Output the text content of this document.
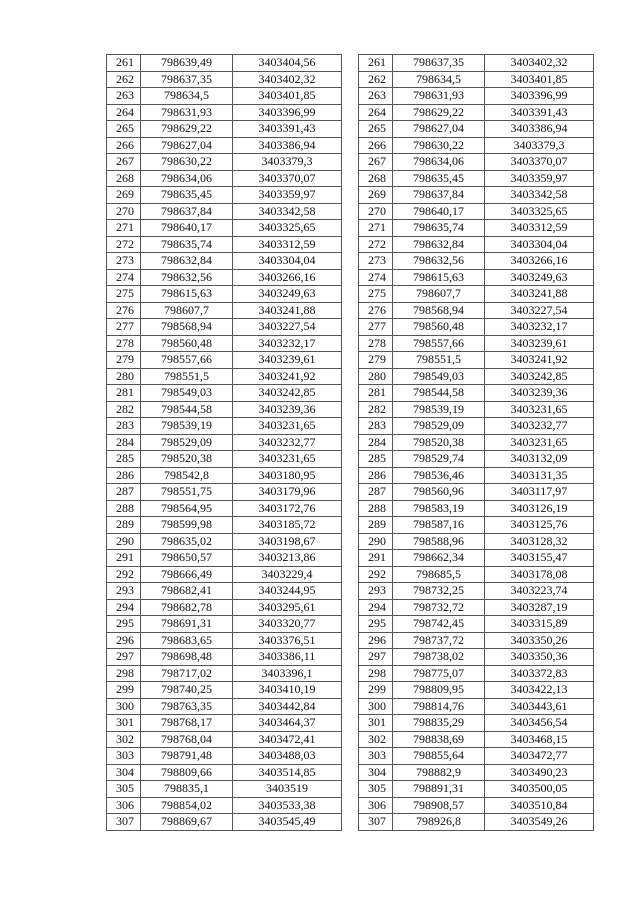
261	798639,49	3403404,56
262	798637,35	3403402,32
263	798634,5	3403401,85
264	798631,93	3403396,99
265	798629,22	3403391,43
266	798627,04	3403386,94
267	798630,22	3403379,3
268	798634,06	3403370,07
269	798635,45	3403359,97
270	798637,84	3403342,58
271	798640,17	3403325,65
272	798635,74	3403312,59
273	798632,84	3403304,04
274	798632,56	3403266,16
275	798615,63	3403249,63
276	798607,7	3403241,88
277	798568,94	3403227,54
278	798560,48	3403232,17
279	798557,66	3403239,61
280	798551,5	3403241,92
281	798549,03	3403242,85
282	798544,58	3403239,36
283	798539,19	3403231,65
284	798529,09	3403232,77
285	798520,38	3403231,65
286	798542,8	3403180,95
287	798551,75	3403179,96
288	798564,95	3403172,76
289	798599,98	3403185,72
290	798635,02	3403198,67
291	798650,57	3403213,86
292	798666,49	3403229,4
293	798682,41	3403244,95
294	798682,78	3403295,61
295	798691,31	3403320,77
296	798683,65	3403376,51
297	798698,48	3403386,11
298	798717,02	3403396,1
299	798740,25	3403410,19
300	798763,35	3403442,84
301	798768,17	3403464,37
302	798768,04	3403472,41
303	798791,48	3403488,03
304	798809,66	3403514,85
305	798835,1	3403519
306	798854,02	3403533,38
307	798869,67	3403545,49
261	798637,35	3403402,32
262	798634,5	3403401,85
263	798631,93	3403396,99
264	798629,22	3403391,43
265	798627,04	3403386,94
266	798630,22	3403379,3
267	798634,06	3403370,07
268	798635,45	3403359,97
269	798637,84	3403342,58
270	798640,17	3403325,65
271	798635,74	3403312,59
272	798632,84	3403304,04
273	798632,56	3403266,16
274	798615,63	3403249,63
275	798607,7	3403241,88
276	798568,94	3403227,54
277	798560,48	3403232,17
278	798557,66	3403239,61
279	798551,5	3403241,92
280	798549,03	3403242,85
281	798544,58	3403239,36
282	798539,19	3403231,65
283	798529,09	3403232,77
284	798520,38	3403231,65
285	798529,74	3403132,09
286	798536,46	3403131,35
287	798560,96	3403117,97
288	798583,19	3403126,19
289	798587,16	3403125,76
290	798588,96	3403128,32
291	798662,34	3403155,47
292	798685,5	3403178,08
293	798732,25	3403223,74
294	798732,72	3403287,19
295	798742,45	3403315,89
296	798737,72	3403350,26
297	798738,02	3403350,36
298	798775,07	3403372,83
299	798809,95	3403422,13
300	798814,76	3403443,61
301	798835,29	3403456,54
302	798838,69	3403468,15
303	798855,64	3403472,77
304	798882,9	3403490,23
305	798891,31	3403500,05
306	798908,57	3403510,84
307	798926,8	3403549,26
